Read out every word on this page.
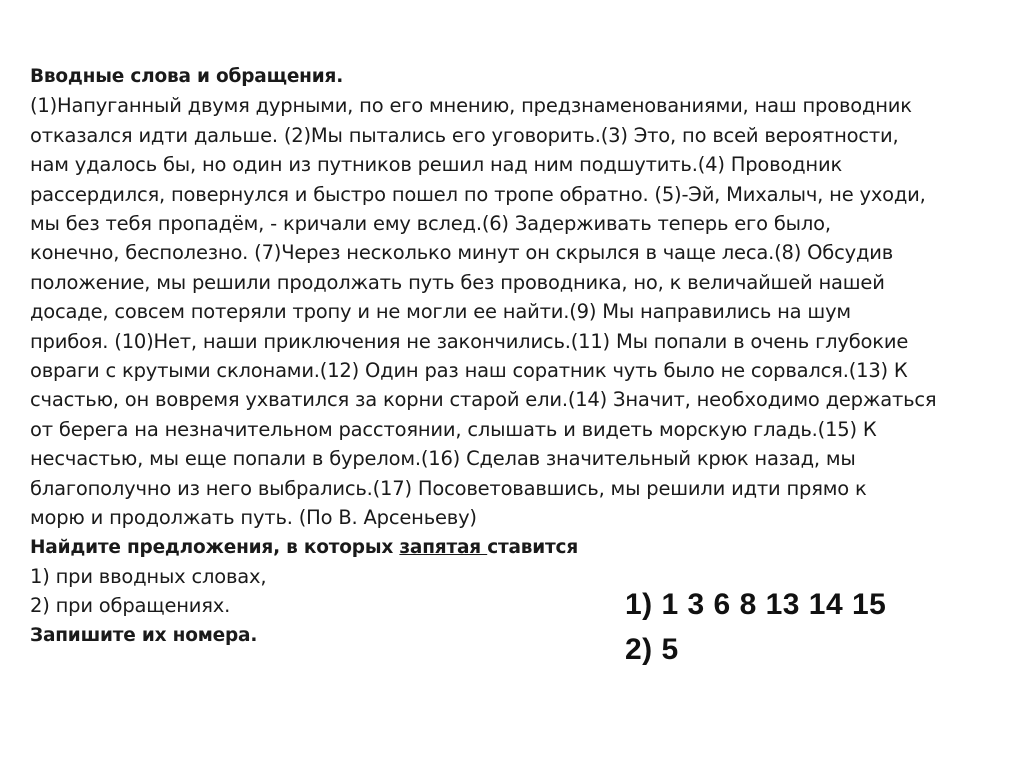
Вводные слова и обращения.
(1)Напуганный двумя дурными, по его мнению, предзнаменованиями, наш проводник
отказался идти дальше. (2)Мы пытались его уговорить.(3) Это, по всей вероятности,
нам удалось бы, но один из путников решил над ним подшутить.(4) Проводник
рассердился, повернулся и быстро пошел по тропе обратно. (5)-Эй, Михалыч, не уходи,
мы без тебя пропадём, - кричали ему вслед.(6) Задерживать теперь его было,
конечно, бесполезно. (7)Через несколько минут он скрылся в чаще леса.(8) Обсудив
положение, мы решили продолжать путь без проводника, но, к величайшей нашей
досаде, совсем потеряли тропу и не могли ее найти.(9) Мы направились на шум
прибоя. (10)Нет, наши приключения не закончились.(11) Мы попали в очень глубокие
овраги с крутыми склонами.(12) Один раз наш соратник чуть было не сорвался.(13) К
счастью, он вовремя ухватился за корни старой ели.(14) Значит, необходимо держаться
от берега на незначительном расстоянии, слышать и видеть морскую гладь.(15) К
несчастью, мы еще попали в бурелом.(16) Сделав значительный крюк назад, мы
благополучно из него выбрались.(17) Посоветовавшись, мы решили идти прямо к
морю и продолжать путь. (По В. Арсеньеву)
Найдите предложения, в которых запятая ставится
1) при вводных словах,
2) при обращениях.
Запишите их номера.
1) 1 3 6 8 13 14 15
2) 5
